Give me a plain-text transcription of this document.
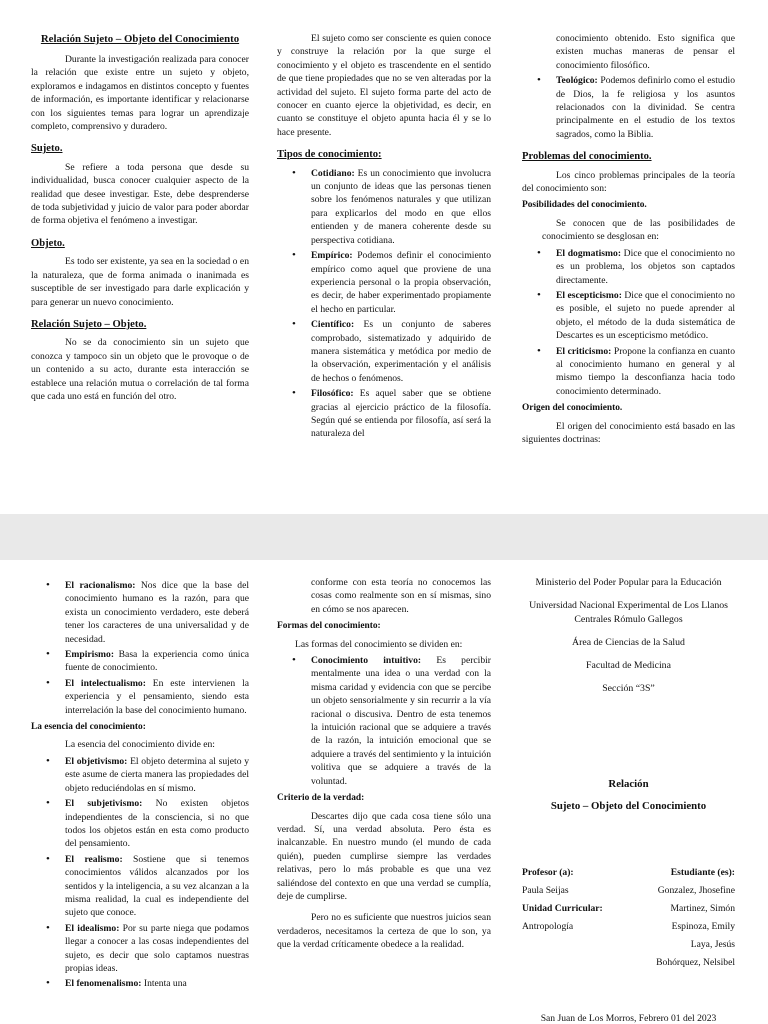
Relación Sujeto – Objeto del Conocimiento

Durante la investigación realizada para conocer la relación que existe entre un sujeto y objeto, exploramos e indagamos en distintos concepto y fuentes de información, es importante identificar y relacionarse con los siguientes temas para lograr un aprendizaje completo, comprensivo y duradero.

Sujeto.

Se refiere a toda persona que desde su individualidad, busca conocer cualquier aspecto de la realidad que desee investigar. Este, debe desprenderse de toda subjetividad y juicio de valor para poder abordar de forma objetiva el fenómeno a investigar.

Objeto.

Es todo ser existente, ya sea en la sociedad o en la naturaleza, que de forma animada o inanimada es susceptible de ser investigado para darle explicación y para generar un nuevo conocimiento.

Relación Sujeto – Objeto.

No se da conocimiento sin un sujeto que conozca y tampoco sin un objeto que le provoque o de un contenido a su acto, durante esta interacción se establece una relación mutua o correlación de tal forma que cada uno está en función del otro.

El sujeto como ser consciente es quien conoce y construye la relación por la que surge el conocimiento y el objeto es trascendente en el sentido de que tiene propiedades que no se ven alteradas por la actividad del sujeto. El sujeto forma parte del acto de conocer en cuanto ejerce la objetividad, es decir, en cuanto se constituye el objeto apunta hacia él y se lo hace presente.

Tipos de conocimiento:
• Cotidiano: Es un conocimiento que involucra un conjunto de ideas que las personas tienen sobre los fenómenos naturales y que utilizan para explicarlos del modo en que ellos entienden y de manera coherente desde su perspectiva cotidiana.
• Empírico: Podemos definir el conocimiento empírico como aquel que proviene de una experiencia personal o la propia observación, es decir, de haber experimentado propiamente el hecho en particular.
• Científico: Es un conjunto de saberes comprobado, sistematizado y adquirido de manera sistemática y metódica por medio de la observación, experimentación y el análisis de hechos o fenómenos.
• Filosófico: Es aquel saber que se obtiene gracias al ejercicio práctico de la filosofía. Según qué se entienda por filosofía, así será la naturaleza del

conocimiento obtenido. Esto significa que existen muchas maneras de pensar el conocimiento filosófico.

• Teológico: Podemos definirlo como el estudio de Dios, la fe religiosa y los asuntos relacionados con la divinidad. Se centra principalmente en el estudio de los textos sagrados, como la Biblia.
Problemas del conocimiento.

Los cinco problemas principales de la teoría del conocimiento son:

Posibilidades del conocimiento.

Se conocen que de las posibilidades de conocimiento se desglosan en:

• El dogmatismo: Dice que el conocimiento no es un problema, los objetos son captados directamente.
• El escepticismo: Dice que el conocimiento no es posible, el sujeto no puede aprender al objeto, el método de la duda sistemática de Descartes es un escepticismo metódico.
• El criticismo: Propone la confianza en cuanto al conocimiento humano en general y al mismo tiempo la desconfianza hacia todo conocimiento determinado.
Origen del conocimiento.

El origen del conocimiento está basado en las siguientes doctrinas:

• El racionalismo: Nos dice que la base del conocimiento humano es la razón, para que exista un conocimiento verdadero, este deberá tener los caracteres de una universalidad y de necesidad.
• Empirismo: Basa la experiencia como única fuente de conocimiento.
• El intelectualismo: En este intervienen la experiencia y el pensamiento, siendo esta interrelación la base del conocimiento humano.
La esencia del conocimiento:

La esencia del conocimiento divide en:

• El objetivismo: El objeto determina al sujeto y este asume de cierta manera las propiedades del objeto reduciéndolas en sí mismo.
• El subjetivismo: No existen objetos independientes de la consciencia, si no que todos los objetos están en esta como producto del pensamiento.
• El realismo: Sostiene que si tenemos conocimientos válidos alcanzados por los sentidos y la inteligencia, a su vez alcanzan a la misma realidad, la cual es independiente del sujeto que conoce.
• El idealismo: Por su parte niega que podamos llegar a conocer a las cosas independientes del sujeto, es decir que solo captamos nuestras propias ideas.
• El fenomenalismo: Intenta una

conforme con esta teoría no conocemos las cosas como realmente son en sí mismas, sino en cómo se nos aparecen.

Formas del conocimiento:

Las formas del conocimiento se dividen en:

• Conocimiento intuitivo: Es percibir mentalmente una idea o una verdad con la misma caridad y evidencia con que se percibe un objeto sensorialmente y sin recurrir a la vía racional o discusiva. Dentro de esta tenemos la intuición racional que se adquiere a través de la razón, la intuición emocional que se adquiere a través del sentimiento y la intuición volitiva que se adquiere a través de la voluntad.
Criterio de la verdad:

Descartes dijo que cada cosa tiene sólo una verdad. Sí, una verdad absoluta. Pero ésta es inalcanzable. En nuestro mundo (el mundo de cada quién), pueden cumplirse siempre las verdades relativas, pero lo más probable es que una vez saliéndose del contexto en que una verdad se cumplía, deje de cumplirse.

Pero no es suficiente que nuestros juicios sean verdaderos, necesitamos la certeza de que lo son, ya que la verdad críticamente obedece a la realidad.

Ministerio del Poder Popular para la Educación

Universidad Nacional Experimental de Los Llanos Centrales Rómulo Gallegos

Área de Ciencias de la Salud

Facultad de Medicina

Sección “3S”

Relación

Sujeto – Objeto del Conocimiento

Profesor (a):	Estudiante (es):
Paula Seijas	Gonzalez, Jhosefine
Unidad Curricular:	Martinez, Simón
Antropología	Espinoza, Emily
Laya, Jesús
Bohórquez, Nelsibel
San Juan de Los Morros, Febrero 01 del 2023
